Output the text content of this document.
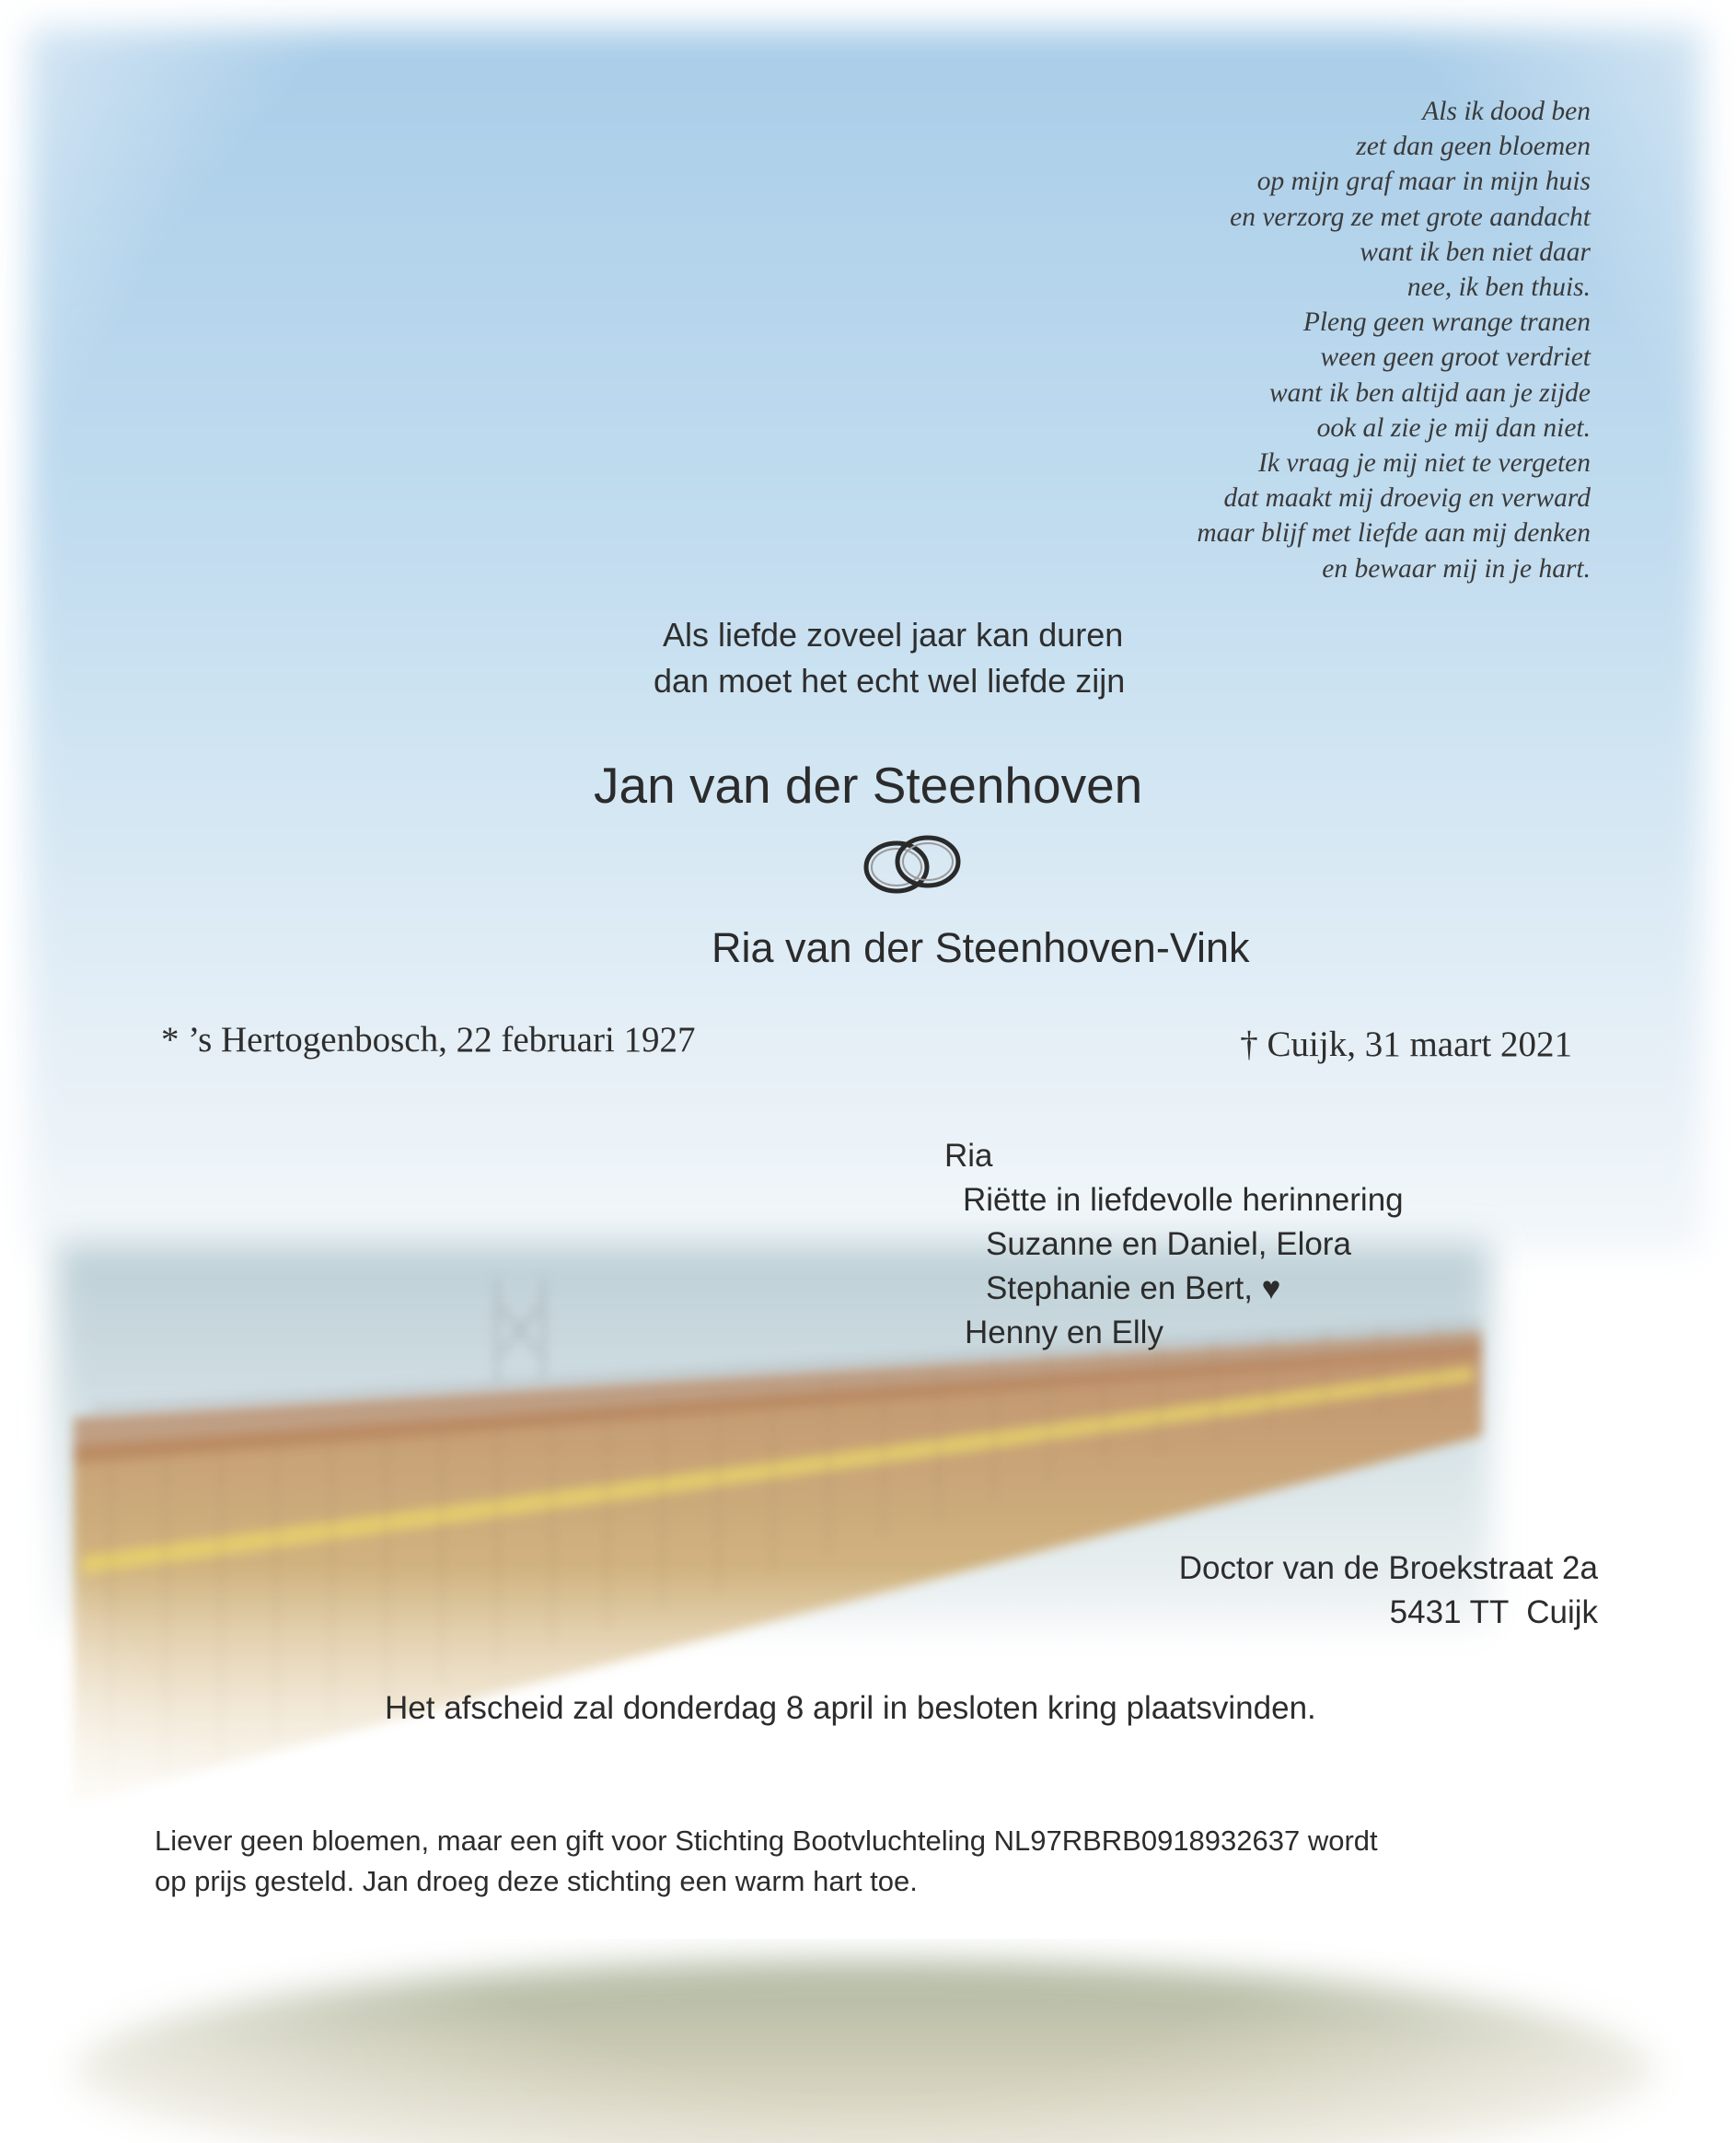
Als ik dood ben
zet dan geen bloemen
op mijn graf maar in mijn huis
en verzorg ze met grote aandacht
want ik ben niet daar
nee, ik ben thuis.
Pleng geen wrange tranen
ween geen groot verdriet
want ik ben altijd aan je zijde
ook al zie je mij dan niet.
Ik vraag je mij niet te vergeten
dat maakt mij droevig en verward
maar blijf met liefde aan mij denken
en bewaar mij in je hart.
Als liefde zoveel jaar kan duren
dan moet het echt wel liefde zijn
Jan van der Steenhoven
Ria van der Steenhoven-Vink
* ’s Hertogenbosch, 22 februari 1927	† Cuijk, 31 maart 2021
Ria
Riëtte in liefdevolle herinnering
Suzanne en Daniel, Elora
Stephanie en Bert, ♥
Henny en Elly
Doctor van de Broekstraat 2a
5431 TT  Cuijk
Het afscheid zal donderdag 8 april in besloten kring plaatsvinden.
Liever geen bloemen, maar een gift voor Stichting Bootvluchteling NL97RBRB0918932637 wordt
op prijs gesteld. Jan droeg deze stichting een warm hart toe.
